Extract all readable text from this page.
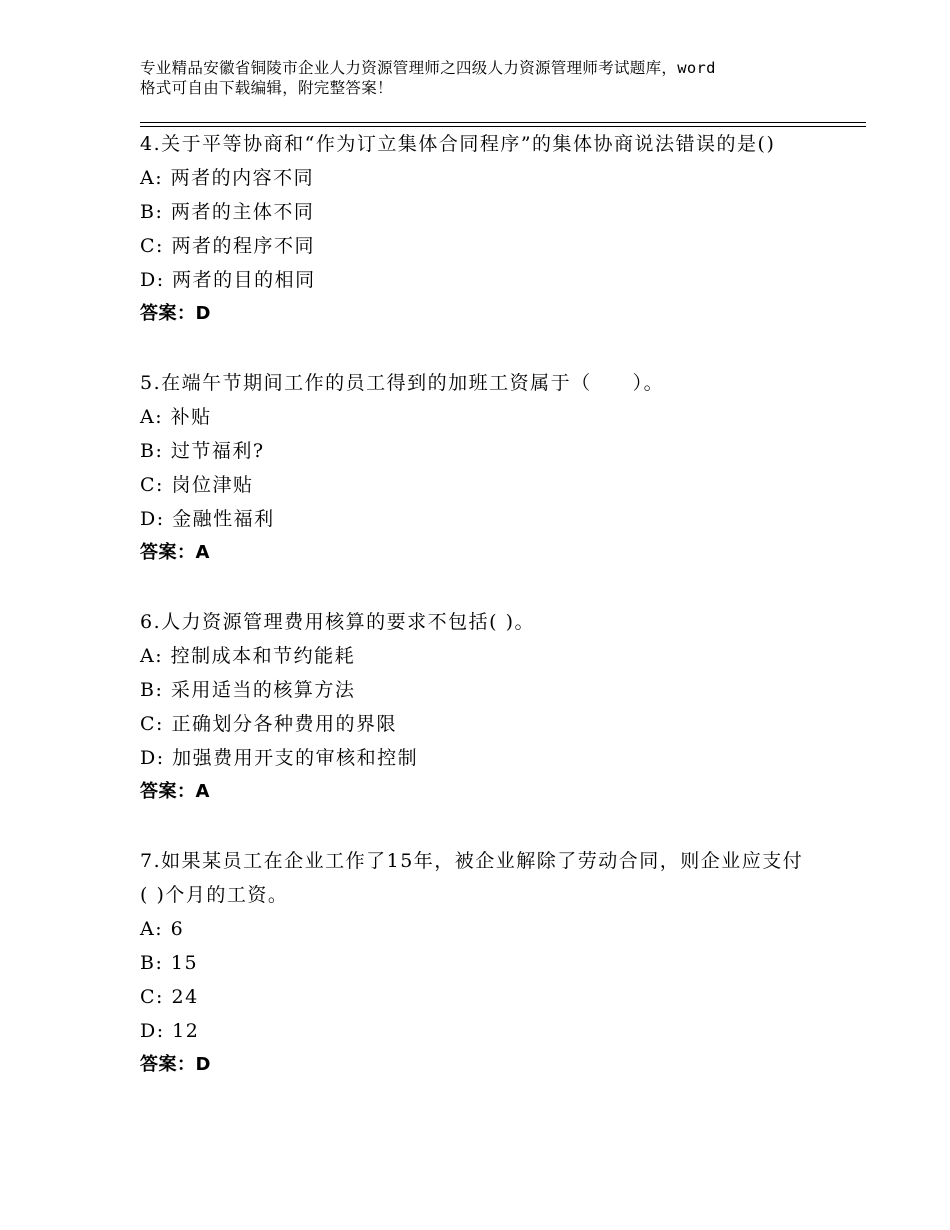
专业精品安徽省铜陵市企业人力资源管理师之四级人力资源管理师考试题库，word
格式可自由下载编辑，附完整答案！
4.关于平等协商和“作为订立集体合同程序”的集体协商说法错误的是()
A: 两者的内容不同
B: 两者的主体不同
C: 两者的程序不同
D: 两者的目的相同
答案：D
5.在端午节期间工作的员工得到的加班工资属于（　　）。
A: 补贴
B: 过节福利?
C: 岗位津贴
D: 金融性福利
答案：A
6.人力资源管理费用核算的要求不包括( )。
A: 控制成本和节约能耗
B: 采用适当的核算方法
C: 正确划分各种费用的界限
D: 加强费用开支的审核和控制
答案：A
7.如果某员工在企业工作了15年，被企业解除了劳动合同，则企业应支付( )个月的工资。
A: 6
B: 15
C: 24
D: 12
答案：D
